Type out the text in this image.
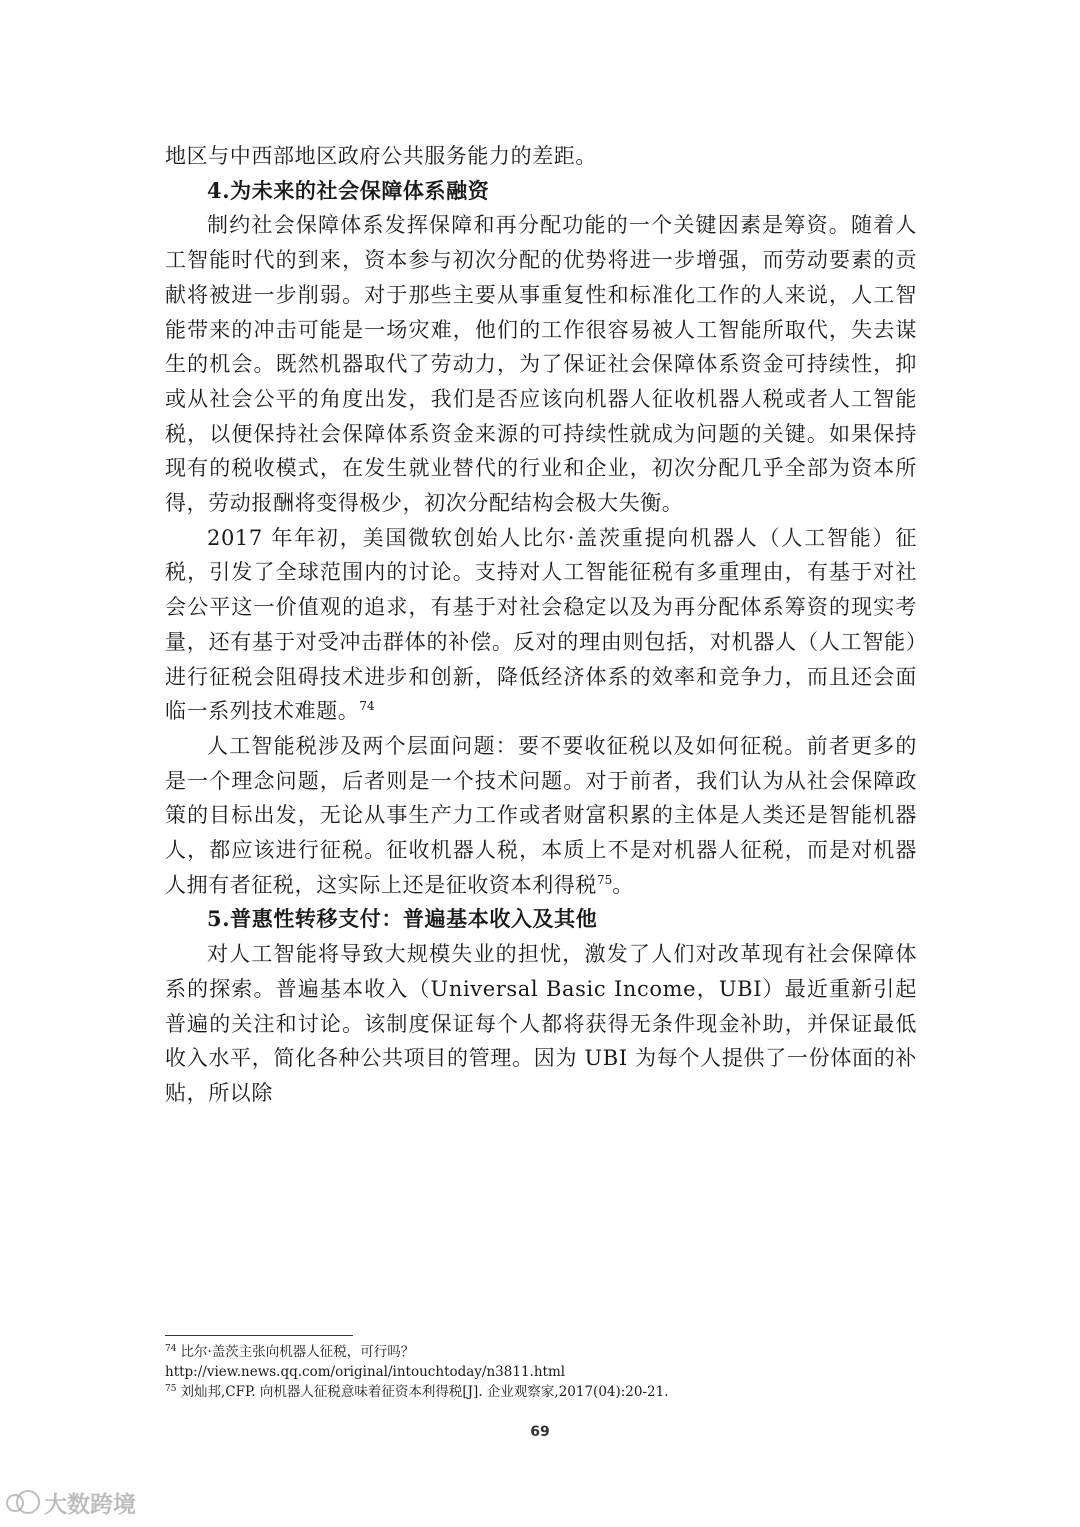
地区与中西部地区政府公共服务能力的差距。

4.为未来的社会保障体系融资

制约社会保障体系发挥保障和再分配功能的一个关键因素是筹资。随着人工智能时代的到来，资本参与初次分配的优势将进一步增强，而劳动要素的贡献将被进一步削弱。对于那些主要从事重复性和标准化工作的人来说，人工智能带来的冲击可能是一场灾难，他们的工作很容易被人工智能所取代，失去谋生的机会。既然机器取代了劳动力，为了保证社会保障体系资金可持续性，抑或从社会公平的角度出发，我们是否应该向机器人征收机器人税或者人工智能税，以便保持社会保障体系资金来源的可持续性就成为问题的关键。如果保持现有的税收模式，在发生就业替代的行业和企业，初次分配几乎全部为资本所得，劳动报酬将变得极少，初次分配结构会极大失衡。

2017 年年初，美国微软创始人比尔·盖茨重提向机器人（人工智能）征税，引发了全球范围内的讨论。支持对人工智能征税有多重理由，有基于对社会公平这一价值观的追求，有基于对社会稳定以及为再分配体系筹资的现实考量，还有基于对受冲击群体的补偿。反对的理由则包括，对机器人（人工智能）进行征税会阻碍技术进步和创新，降低经济体系的效率和竞争力，而且还会面临一系列技术难题。$^{74}$

人工智能税涉及两个层面问题：要不要收征税以及如何征税。前者更多的是一个理念问题，后者则是一个技术问题。对于前者，我们认为从社会保障政策的目标出发，无论从事生产力工作或者财富积累的主体是人类还是智能机器人，都应该进行征税。征收机器人税，本质上不是对机器人征税，而是对机器人拥有者征税，这实际上还是征收资本利得税$^{75}$。

5.普惠性转移支付：普遍基本收入及其他

对人工智能将导致大规模失业的担忧，激发了人们对改革现有社会保障体系的探索。普遍基本收入（Universal Basic Income，UBI）最近重新引起普遍的关注和讨论。该制度保证每个人都将获得无条件现金补助，并保证最低收入水平，简化各种公共项目的管理。因为 UBI 为每个人提供了一份体面的补贴，所以除

$^{74}$ 比尔·盖茨主张向机器人征税，可行吗？
http://view.news.qq.com/original/intouchtoday/n3811.html
$^{75}$ 刘灿邦,CFP. 向机器人征税意味着征资本利得税[J]. 企业观察家,2017(04):20-21.
69
大数跨境
